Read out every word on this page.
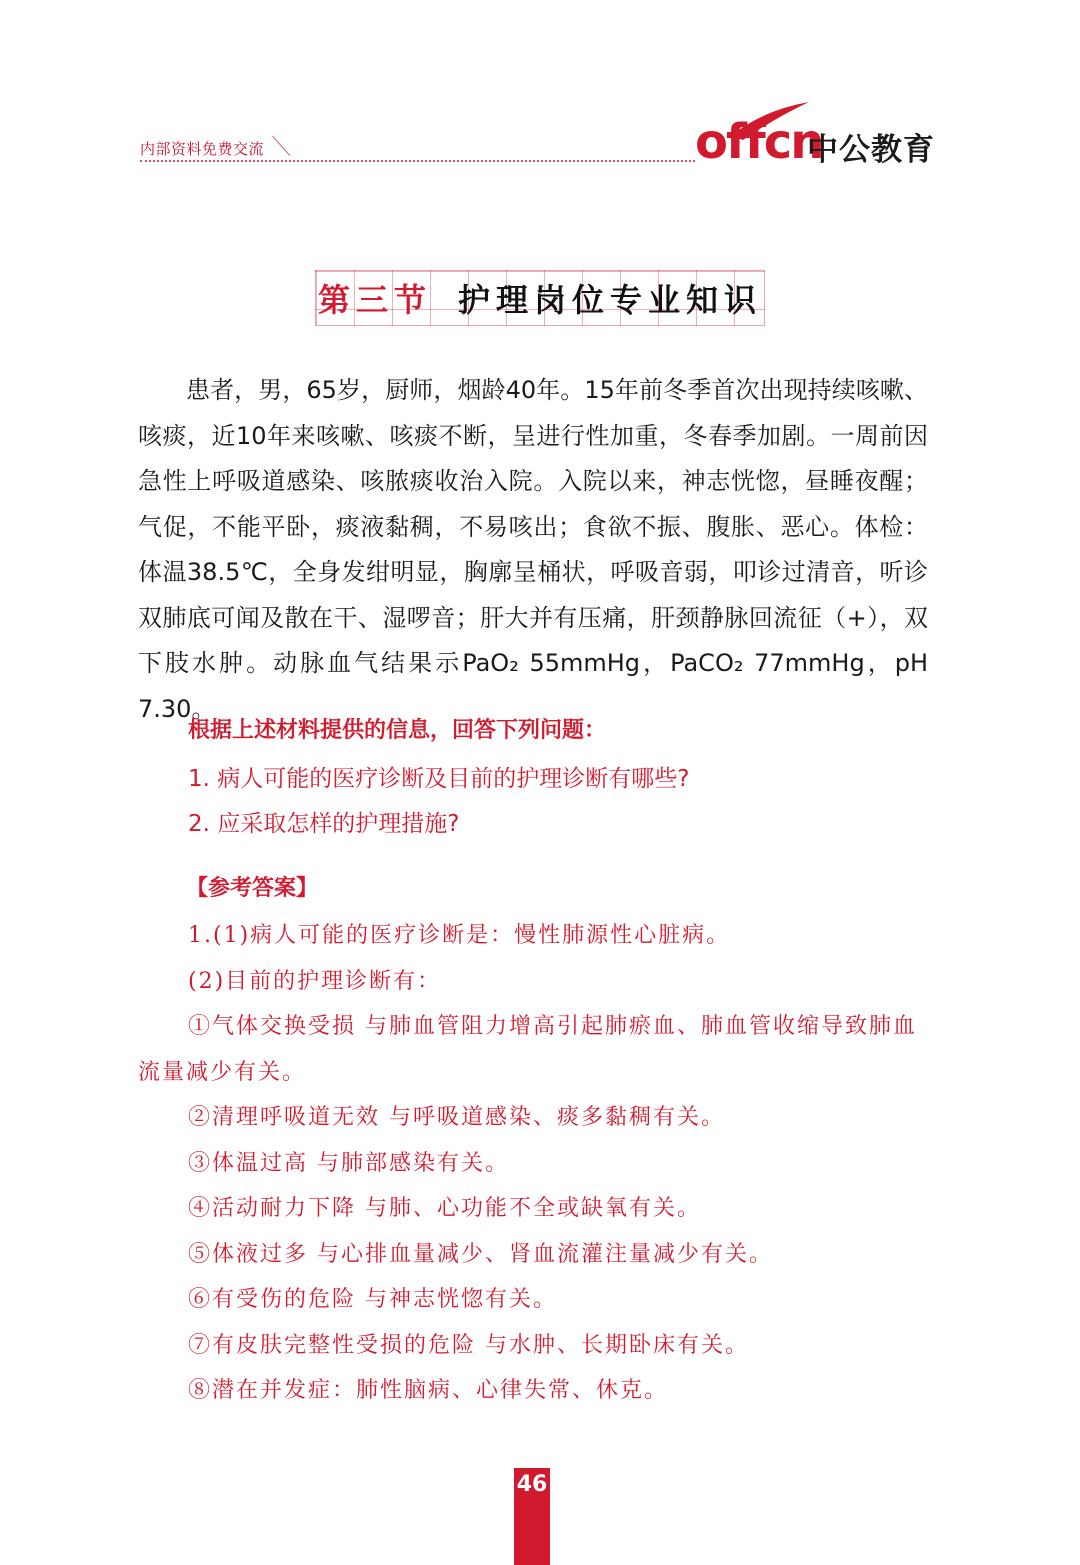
内部资料免费交流	offcn
中公教育
第三节 护理岗位专业知识

患者，男，65岁，厨师，烟龄40年。15年前冬季首次出现持续咳嗽、咳痰，近10年来咳嗽、咳痰不断，呈进行性加重，冬春季加剧。一周前因急性上呼吸道感染、咳脓痰收治入院。入院以来，神志恍惚，昼睡夜醒；气促，不能平卧，痰液黏稠，不易咳出；食欲不振、腹胀、恶心。体检：体温38.5℃，全身发绀明显，胸廓呈桶状，呼吸音弱，叩诊过清音，听诊双肺底可闻及散在干、湿啰音；肝大并有压痛，肝颈静脉回流征（+），双下肢水肿。动脉血气结果示PaO₂ 55mmHg，PaCO₂ 77mmHg，pH 7.30。

根据上述材料提供的信息，回答下列问题：
1. 病人可能的医疗诊断及目前的护理诊断有哪些?
2. 应采取怎样的护理措施?
【参考答案】

1.(1)病人可能的医疗诊断是：慢性肺源性心脏病。

(2)目前的护理诊断有：

①气体交换受损 与肺血管阻力增高引起肺瘀血、肺血管收缩导致肺血流量减少有关。

②清理呼吸道无效 与呼吸道感染、痰多黏稠有关。

③体温过高 与肺部感染有关。

④活动耐力下降 与肺、心功能不全或缺氧有关。

⑤体液过多 与心排血量减少、肾血流灌注量减少有关。

⑥有受伤的危险 与神志恍惚有关。

⑦有皮肤完整性受损的危险 与水肿、长期卧床有关。

⑧潜在并发症：肺性脑病、心律失常、休克。

46
